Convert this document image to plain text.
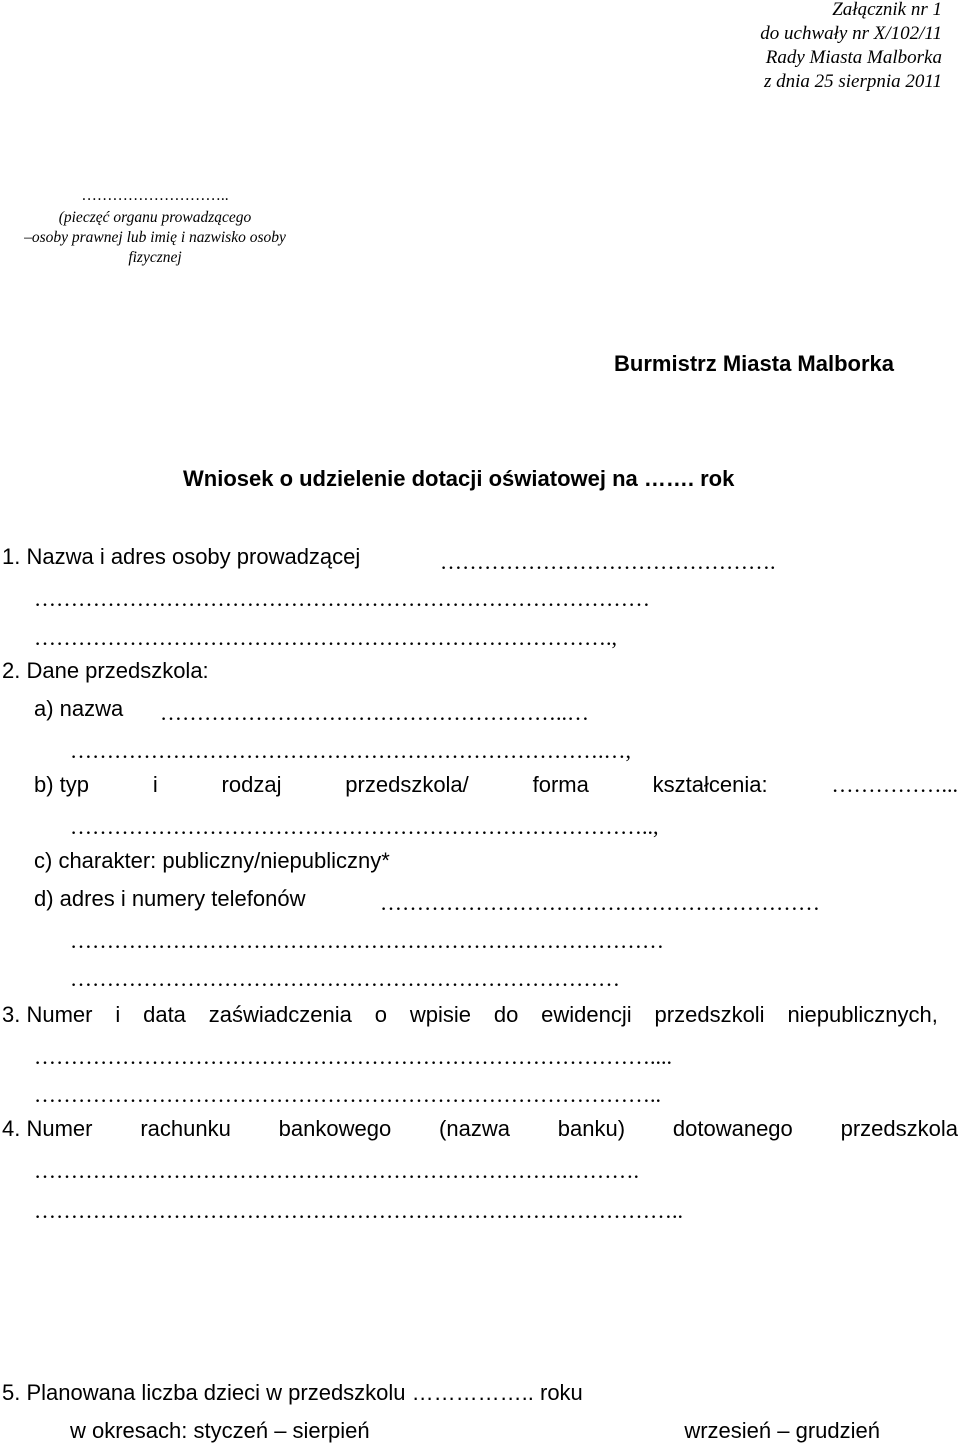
Załącznik nr 1
do uchwały nr X/102/11
Rady Miasta Malborka
z dnia 25 sierpnia 2011
………………………..
(pieczęć organu prowadzącego
–osoby prawnej lub imię i nazwisko osoby
fizycznej
Burmistrz Miasta Malborka
Wniosek o udzielenie dotacji oświatowej na ……. rok
1. Nazwa i adres osoby prowadzącej	……………………………………….
…………………………………………………………………………
…………………………………………………………………….,
2. Dane przedszkola:
a) nazwa ………………………………………………..…
……………………………………………………………….…,
b) typ	i	rodzaj	przedszkola/	forma	kształcenia:	……………...
……………………………………………………………………..,
c) charakter: publiczny/niepubliczny*
d) adres i numery telefonów	……………………………………………………
………………………………………………………………………
…………………………………………………………………
3. Numer i data zaświadczenia o wpisie do ewidencji przedszkoli niepublicznych,
…………………………………………………………………………....
…………………………………………………………………………..
4. Numer rachunku bankowego (nazwa banku) dotowanego przedszkola
……………………………………………………………….……….
……………………………………………………………………………..
5. Planowana liczba dzieci w przedszkolu …………….. roku
w okresach: styczeń – sierpień	wrzesień – grudzień
